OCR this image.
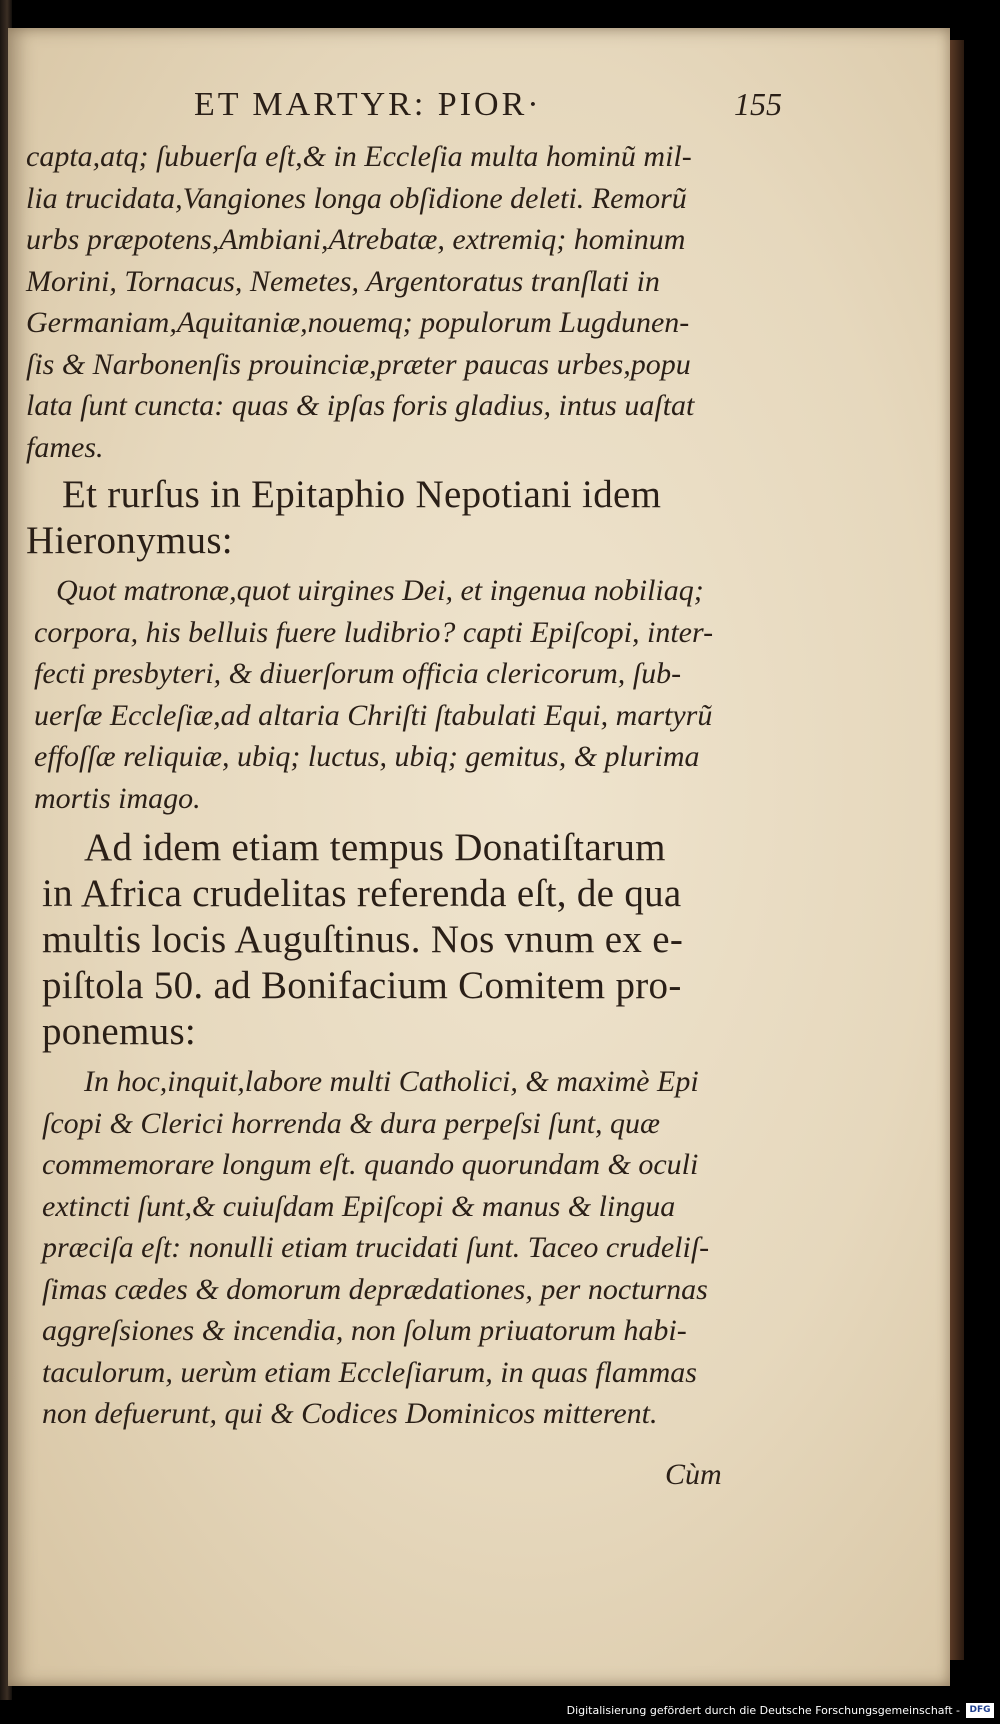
ET MARTYR: PIOR·	155
capta,atq; ſubuerſa eſt,& in Eccleſia multa hominũ mil-
lia trucidata,Vangiones longa obſidione deleti. Remorũ
urbs præpotens,Ambiani,Atrebatæ, extremiq; hominum
Morini, Tornacus, Nemetes, Argentoratus tranſlati in
Germaniam,Aquitaniæ,nouemq; populorum Lugdunen-
ſis & Narbonenſis prouinciæ,præter paucas urbes,popu
lata ſunt cuncta: quas & ipſas foris gladius, intus uaſtat
fames.
Et rurſus in Epitaphio Nepotiani idem
Hieronymus:
Quot matronæ,quot uirgines Dei, et ingenua nobiliaq;
corpora, his belluis fuere ludibrio? capti Epiſcopi, inter-
fecti presbyteri, & diuerſorum officia clericorum, ſub-
uerſæ Eccleſiæ,ad altaria Chriſti ſtabulati Equi, martyrũ
effoſſæ reliquiæ, ubiq; luctus, ubiq; gemitus, & plurima
mortis imago.
Ad idem etiam tempus Donatiſtarum
in Africa crudelitas referenda eſt, de qua
multis locis Auguſtinus. Nos vnum ex e-
piſtola 50. ad Bonifacium Comitem pro-
ponemus:
In hoc,inquit,labore multi Catholici, & maximè Epi
ſcopi & Clerici horrenda & dura perpeſsi ſunt, quæ
commemorare longum eſt. quando quorundam & oculi
extincti ſunt,& cuiuſdam Epiſcopi & manus & lingua
præciſa eſt: nonulli etiam trucidati ſunt. Taceo crudeliſ-
ſimas cædes & domorum deprædationes, per nocturnas
aggreſsiones & incendia, non ſolum priuatorum habi-
taculorum, uerùm etiam Eccleſiarum, in quas flammas
non defuerunt, qui & Codices Dominicos mitterent.
Cùm
Digitalisierung gefördert durch die Deutsche Forschungsgemeinschaft -	DFG
